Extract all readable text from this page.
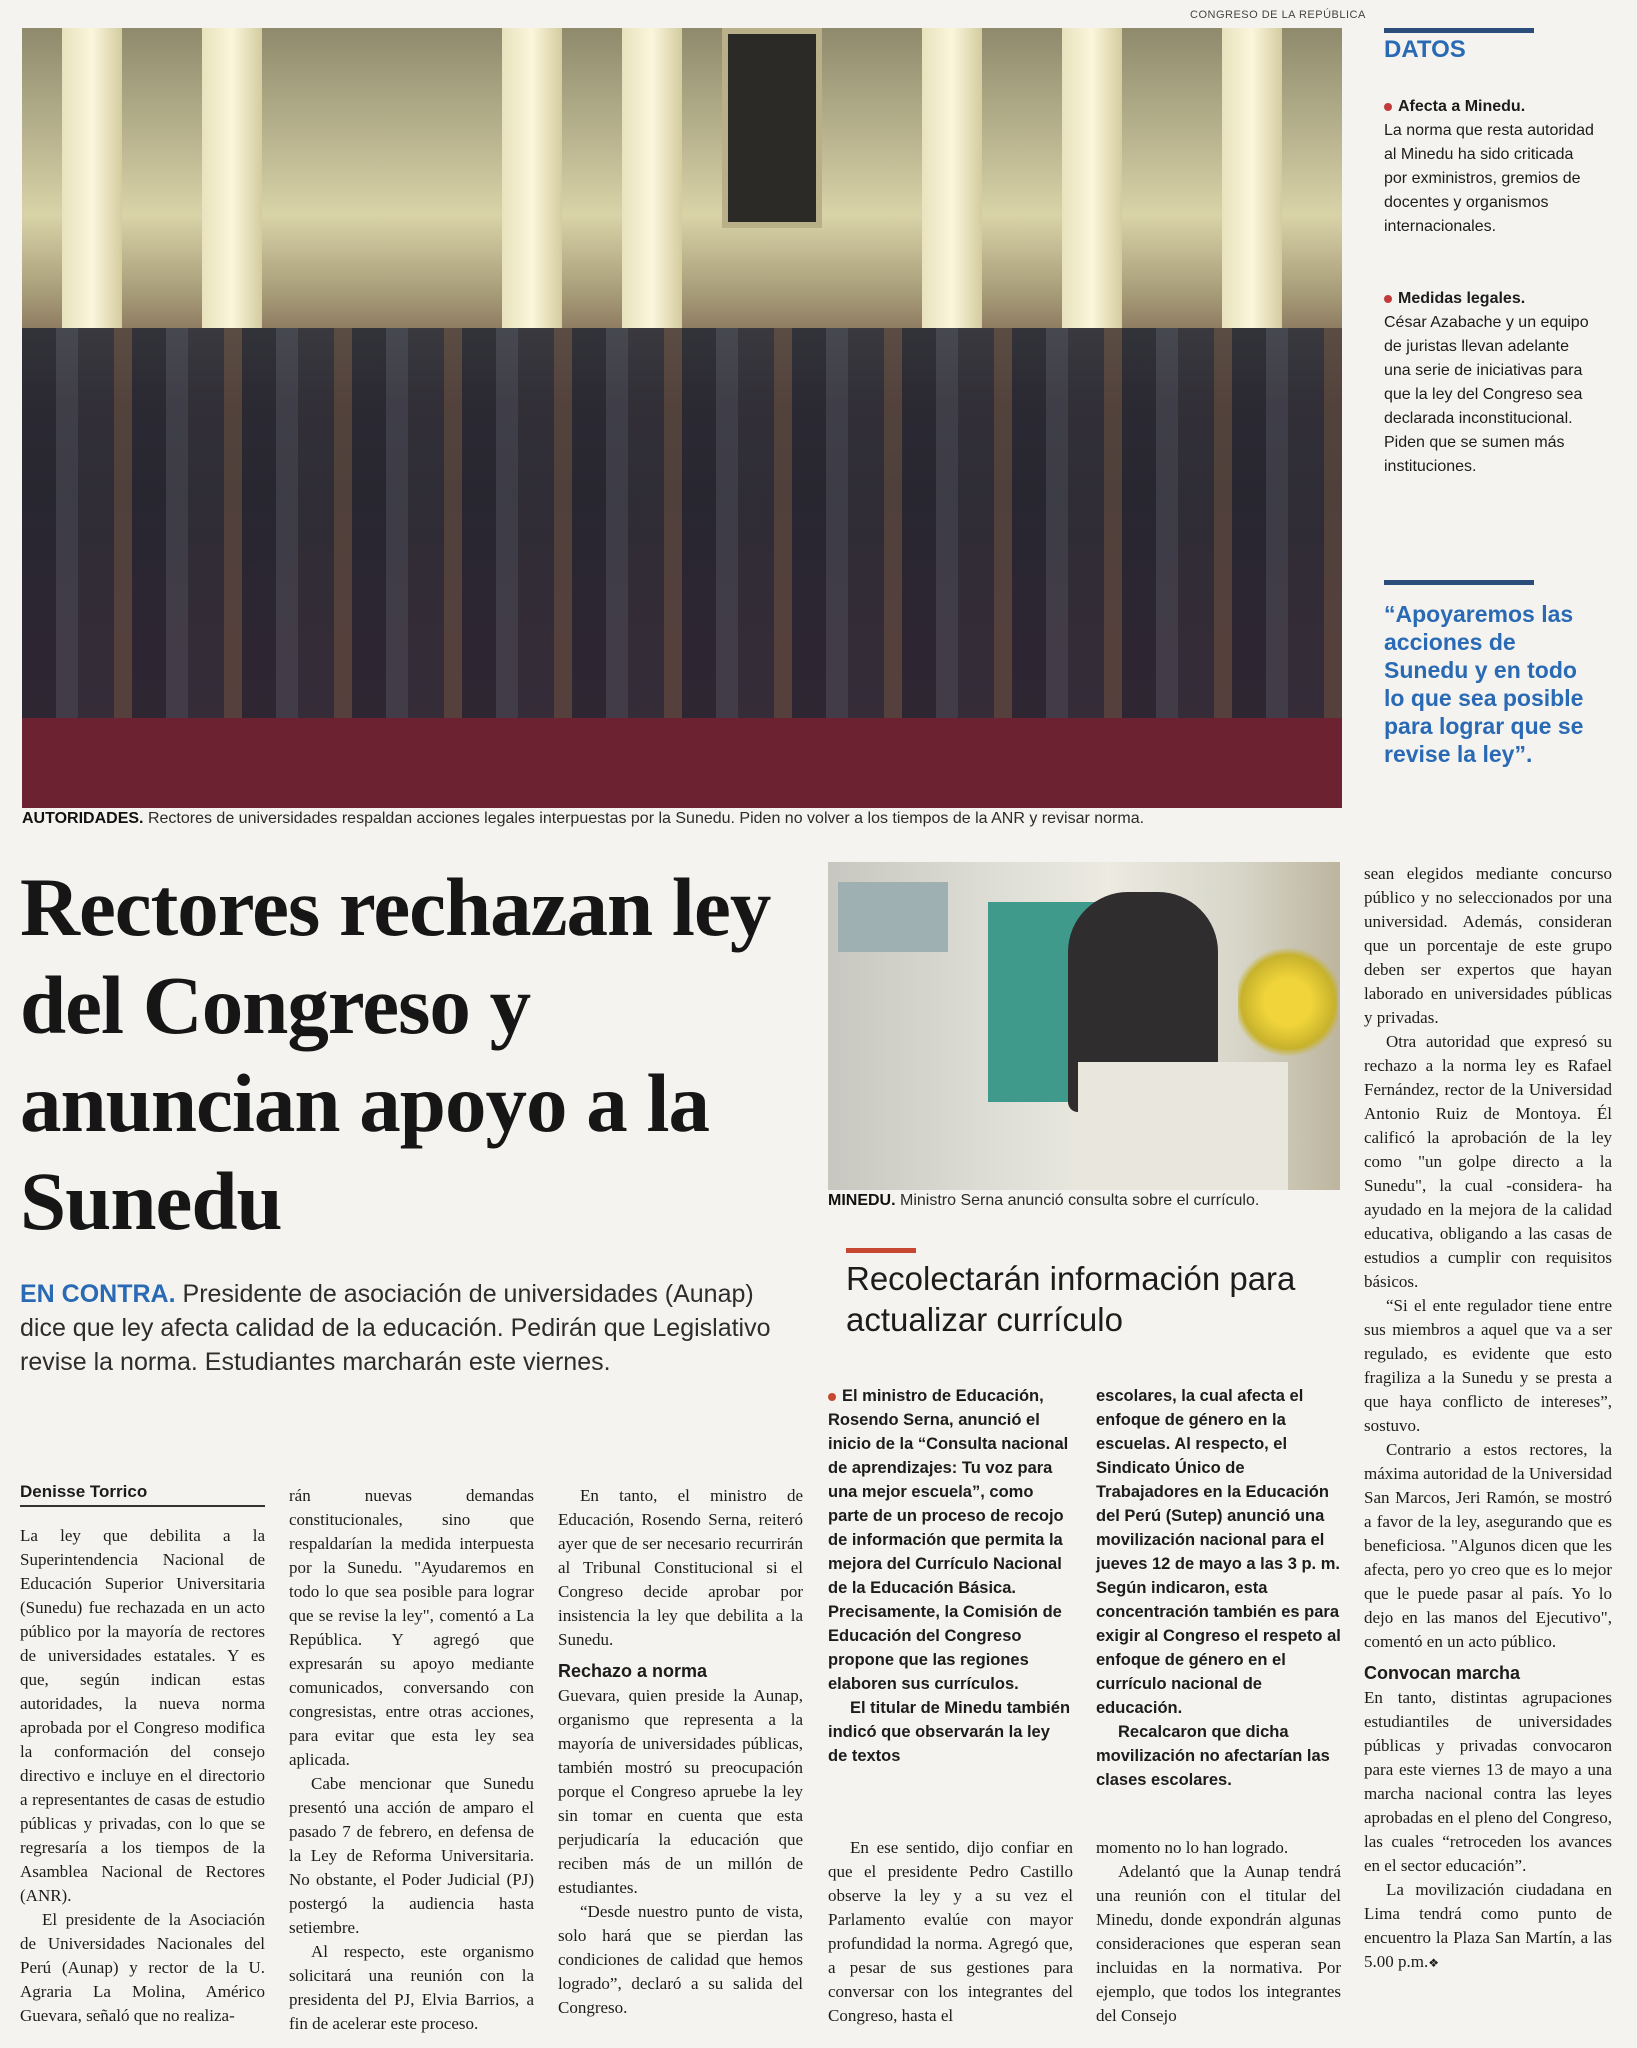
CONGRESO DE LA REPÚBLICA
AUTORIDADES. Rectores de universidades respaldan acciones legales interpuestas por la Sunedu. Piden no volver a los tiempos de la ANR y revisar norma.
DATOS
Afecta a Minedu.
La norma que resta autoridad al Minedu ha sido criticada por exministros, gremios de docentes y organismos internacionales.
Medidas legales.
César Azabache y un equipo de juristas llevan adelante una serie de iniciativas para que la ley del Congreso sea declarada inconstitucional. Piden que se sumen más instituciones.
“Apoyaremos las acciones de Sunedu y en todo lo que sea posible para lograr que se revise la ley”.
Rectores rechazan ley del Congreso y anuncian apoyo a la Sunedu
EN CONTRA. Presidente de asociación de universidades (Aunap) dice que ley afecta calidad de la educación. Pedirán que Legislativo revise la norma. Estudiantes marcharán este viernes.
Denisse Torrico

La ley que debilita a la Superintendencia Nacional de Educación Superior Universitaria (Sunedu) fue rechazada en un acto público por la mayoría de rectores de universidades estatales. Y es que, según indican estas autoridades, la nueva norma aprobada por el Congreso modifica la conformación del consejo directivo e incluye en el directorio a representantes de casas de estudio públicas y privadas, con lo que se regresaría a los tiempos de la Asamblea Nacional de Rectores (ANR).

El presidente de la Asociación de Universidades Nacionales del Perú (Aunap) y rector de la U. Agraria La Molina, Américo Guevara, señaló que no realiza-

rán nuevas demandas constitucionales, sino que respaldarían la medida interpuesta por la Sunedu. "Ayudaremos en todo lo que sea posible para lograr que se revise la ley", comentó a La República. Y agregó que expresarán su apoyo mediante comunicados, conversando con congresistas, entre otras acciones, para evitar que esta ley sea aplicada.

Cabe mencionar que Sunedu presentó una acción de amparo el pasado 7 de febrero, en defensa de la Ley de Reforma Universitaria. No obstante, el Poder Judicial (PJ) postergó la audiencia hasta setiembre.

Al respecto, este organismo solicitará una reunión con la presidenta del PJ, Elvia Barrios, a fin de acelerar este proceso.

En tanto, el ministro de Educación, Rosendo Serna, reiteró ayer que de ser necesario recurrirán al Tribunal Constitucional si el Congreso decide aprobar por insistencia la ley que debilita a la Sunedu.

Rechazo a norma

Guevara, quien preside la Aunap, organismo que representa a la mayoría de universidades públicas, también mostró su preocupación porque el Congreso apruebe la ley sin tomar en cuenta que esta perjudicaría la educación que reciben más de un millón de estudiantes.

“Desde nuestro punto de vista, solo hará que se pierdan las condiciones de calidad que hemos logrado”, declaró a su salida del Congreso.

MINEDU. Ministro Serna anunció consulta sobre el currículo.
Recolectarán información para actualizar currículo

El ministro de Educación, Rosendo Serna, anunció el inicio de la “Consulta nacional de aprendizajes: Tu voz para una mejor escuela”, como parte de un proceso de recojo de información que permita la mejora del Currículo Nacional de la Educación Básica. Precisamente, la Comisión de Educación del Congreso propone que las regiones elaboren sus currículos.

El titular de Minedu también indicó que observarán la ley de textos

escolares, la cual afecta el enfoque de género en la escuelas. Al respecto, el Sindicato Único de Trabajadores en la Educación del Perú (Sutep) anunció una movilización nacional para el jueves 12 de mayo a las 3 p. m. Según indicaron, esta concentración también es para exigir al Congreso el respeto al enfoque de género en el currículo nacional de educación.

Recalcaron que dicha movilización no afectarían las clases escolares.

En ese sentido, dijo confiar en que el presidente Pedro Castillo observe la ley y a su vez el Parlamento evalúe con mayor profundidad la norma. Agregó que, a pesar de sus gestiones para conversar con los integrantes del Congreso, hasta el

momento no lo han logrado.

Adelantó que la Aunap tendrá una reunión con el titular del Minedu, donde expondrán algunas consideraciones que esperan sean incluidas en la normativa. Por ejemplo, que todos los integrantes del Consejo

sean elegidos mediante concurso público y no seleccionados por una universidad. Además, consideran que un porcentaje de este grupo deben ser expertos que hayan laborado en universidades públicas y privadas.

Otra autoridad que expresó su rechazo a la norma ley es Rafael Fernández, rector de la Universidad Antonio Ruiz de Montoya. Él calificó la aprobación de la ley como "un golpe directo a la Sunedu", la cual -considera- ha ayudado en la mejora de la calidad educativa, obligando a las casas de estudios a cumplir con requisitos básicos.

“Si el ente regulador tiene entre sus miembros a aquel que va a ser regulado, es evidente que esto fragiliza a la Sunedu y se presta a que haya conflicto de intereses”, sostuvo.

Contrario a estos rectores, la máxima autoridad de la Universidad San Marcos, Jeri Ramón, se mostró a favor de la ley, asegurando que es beneficiosa. "Algunos dicen que les afecta, pero yo creo que es lo mejor que le puede pasar al país. Yo lo dejo en las manos del Ejecutivo", comentó en un acto público.

Convocan marcha

En tanto, distintas agrupaciones estudiantiles de universidades públicas y privadas convocaron para este viernes 13 de mayo a una marcha nacional contra las leyes aprobadas en el pleno del Congreso, las cuales “retroceden los avances en el sector educación”.

La movilización ciudadana en Lima tendrá como punto de encuentro la Plaza San Martín, a las 5.00 p.m.❖
